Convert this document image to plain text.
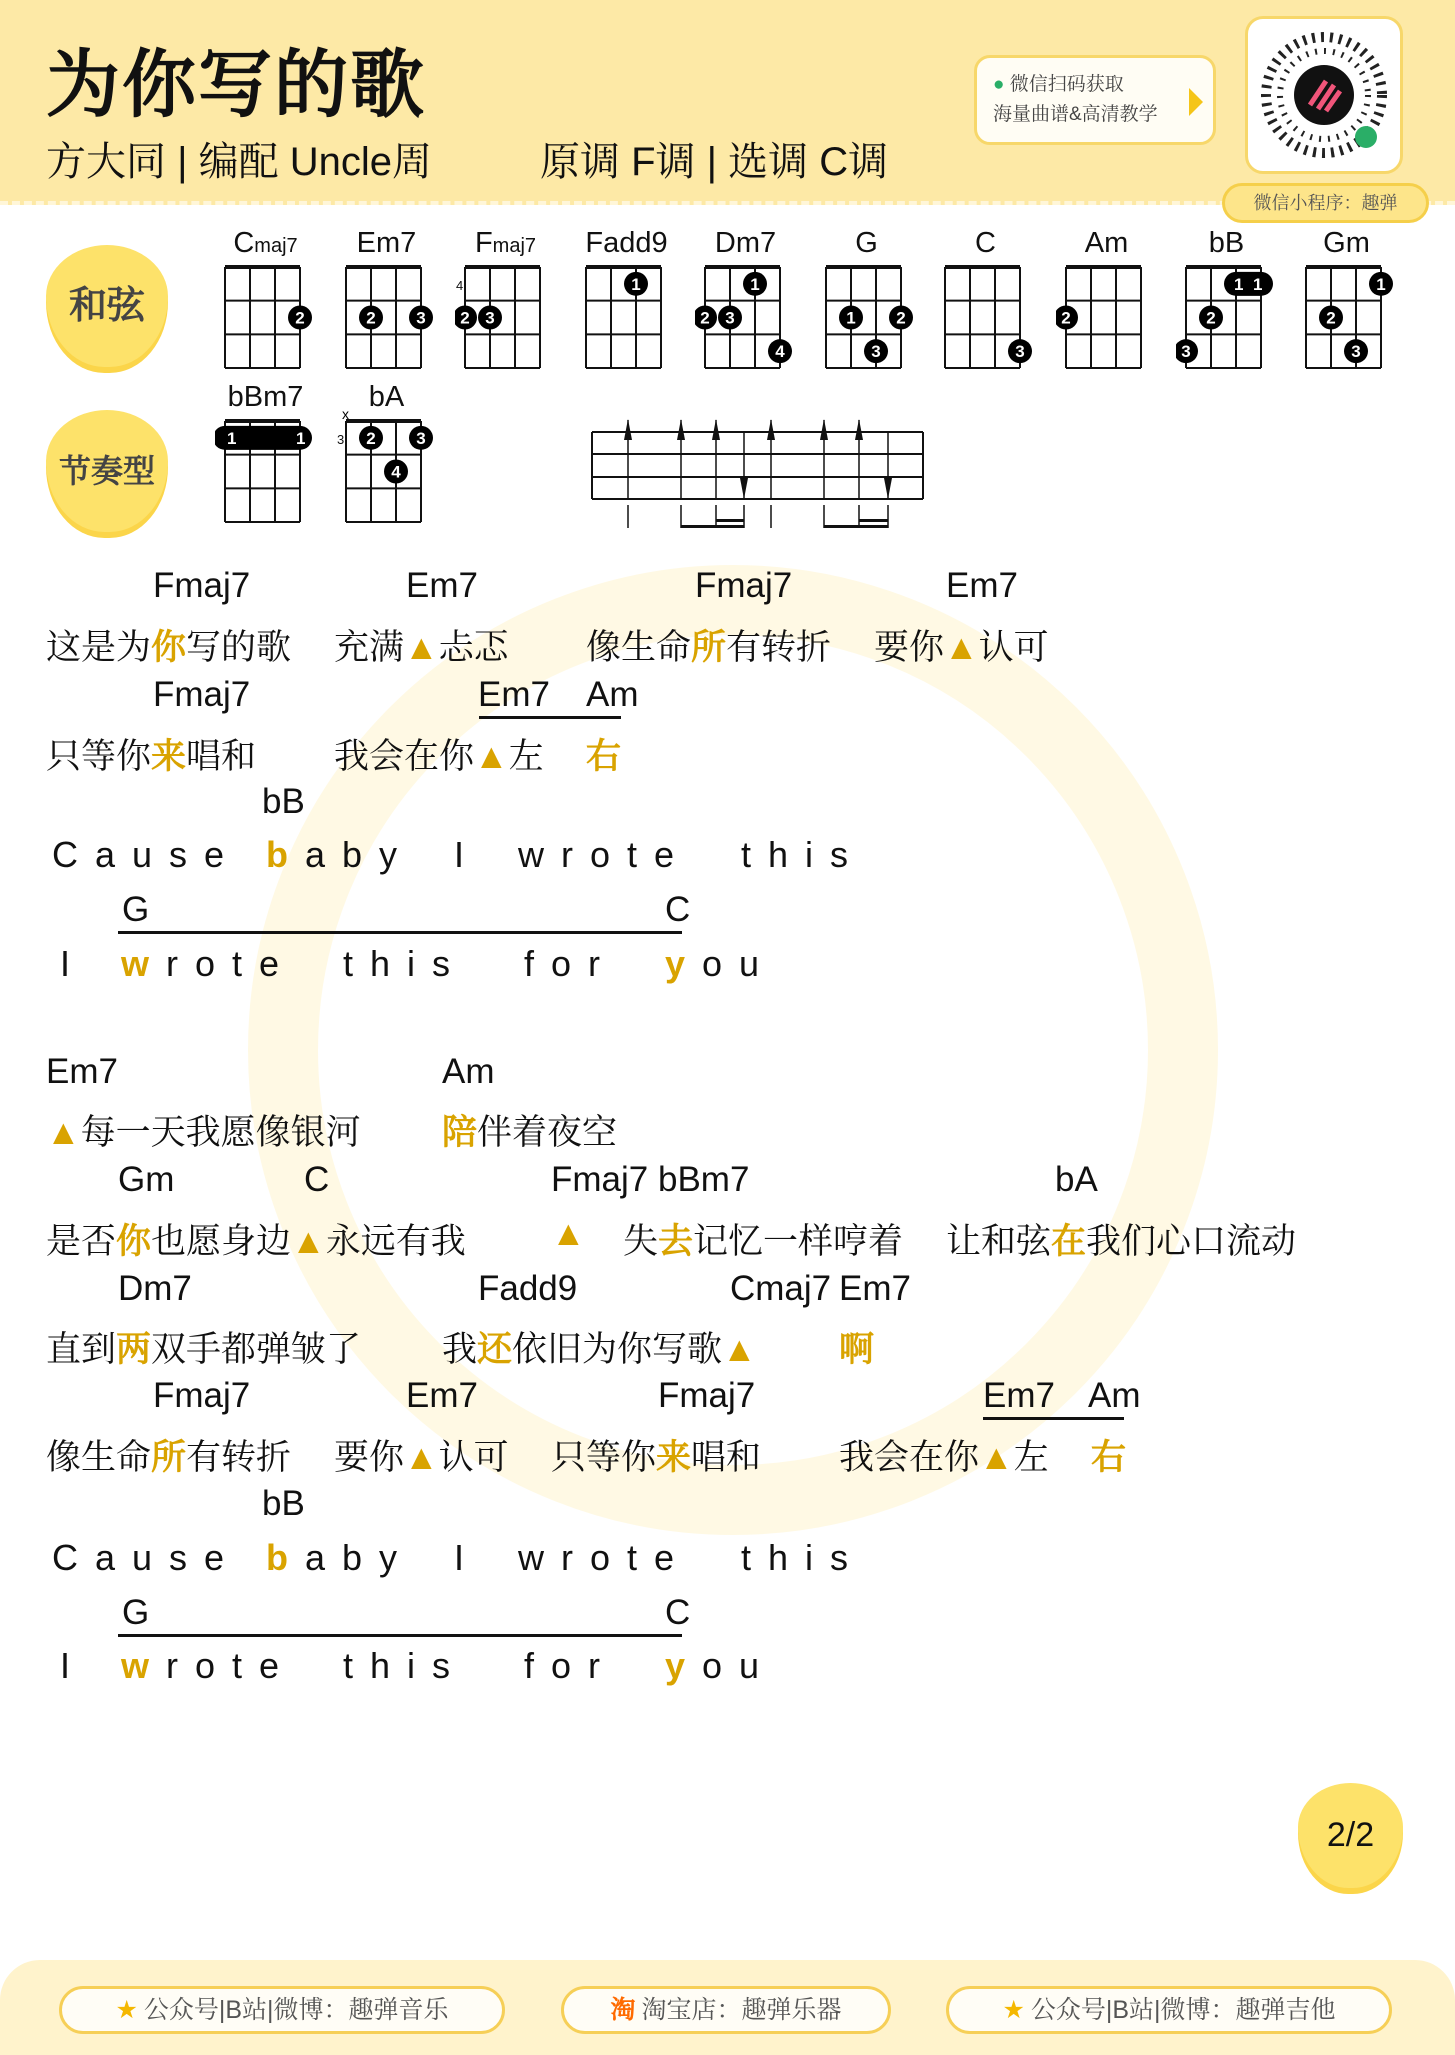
为你写的歌
方大同 | 编配 Uncle周	原调 F调 | 选调 C调
● 微信扫码获取
海量曲谱&高清教学
微信小程序：趣弹
和弦
节奏型
Cmaj7
2
Em7
2 3
Fmaj7
4
2 3
Fadd9
1
Dm7
1
2 3
4
G
1 2
3
C
3
Am
2
bB
1 1
2
3
Gm
1
2
3
bBm7
1	1
bA
3
x
2 3
4
Fmaj7	Em7	Fmaj7	Em7
这是为你写的歌 充满▲忐忑 像生命所有转折 要你▲认可
Fmaj7	Em7 Am
只等你来唱和 我会在你▲左 右
bB
Cause baby I wrote this
G	C
I wrote this for you
Em7	Am
▲每一天我愿像银河 陪伴着夜空
Gm	C	Fmaj7 bBm7	bA
是否你也愿身边▲永远有我 ▲ 失去记忆一样哼着 让和弦在我们心口流动
Dm7	Fadd9	Cmaj7 Em7
直到两双手都弹皱了 我还依旧为你写歌▲ 啊
Fmaj7	Em7	Fmaj7	Em7 Am
像生命所有转折 要你▲认可 只等你来唱和 我会在你▲左 右
bB
Cause baby I wrote this
G	C
I wrote this for you
2/2
★ 公众号|B站|微博：趣弹音乐	淘 淘宝店：趣弹乐器	★ 公众号|B站|微博：趣弹吉他
